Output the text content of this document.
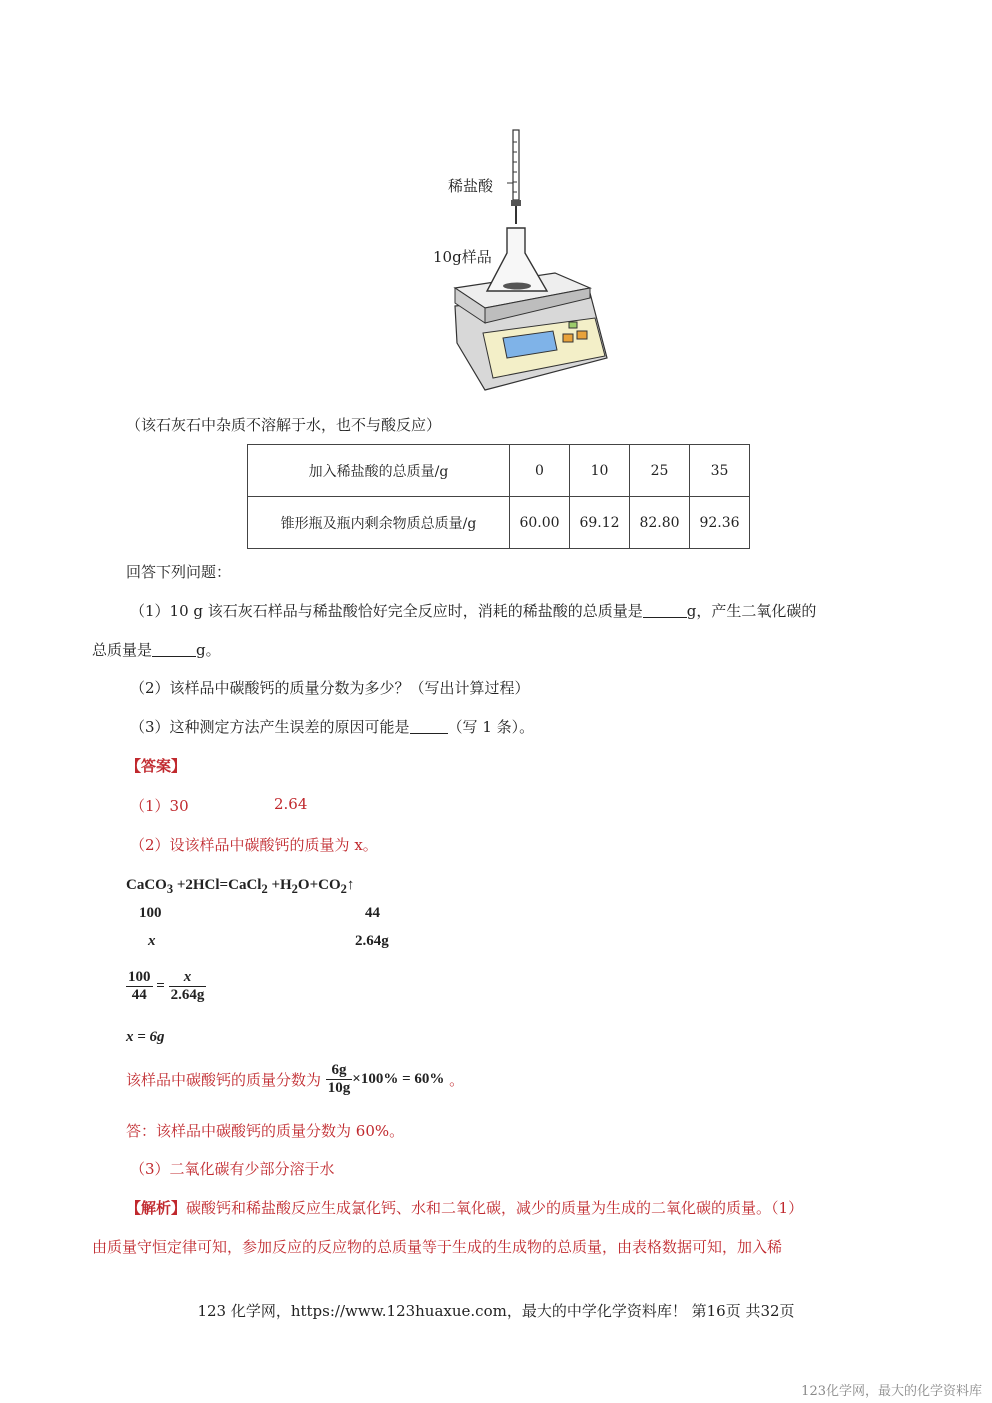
稀盐酸
10g样品
（该石灰石中杂质不溶解于水，也不与酸反应）
加入稀盐酸的总质量/g	0	10	25	35
锥形瓶及瓶内剩余物质总质量/g	60.00	69.12	82.80	92.36
回答下列问题：
（1）10 g 该石灰石样品与稀盐酸恰好完全反应时，消耗的稀盐酸的总质量是	g，产生二氧化碳的
总质量是	g。
（2）该样品中碳酸钙的质量分数为多少？（写出计算过程）
（3）这种测定方法产生误差的原因可能是	（写 1 条）。
【答案】
（1）30	2.64
（2）设该样品中碳酸钙的质量为 x。
CaCO$_3$ +2HCl=CaCl$_2$ $+H_2O+CO_2↑$
100	44
x	2.64g
$\frac{100}{44} = \frac{x}{2.64g}$
x = 6g
该样品中碳酸钙的质量分数为 $\frac{6g}{10g} \times 100\% = 60\%$ 。
答：该样品中碳酸钙的质量分数为 60%。
（3）二氧化碳有少部分溶于水
【解析】碳酸钙和稀盐酸反应生成氯化钙、水和二氧化碳，减少的质量为生成的二氧化碳的质量。（1）
由质量守恒定律可知，参加反应的反应物的总质量等于生成的生成物的总质量，由表格数据可知，加入稀
123 化学网，https://www.123huaxue.com，最大的中学化学资料库！ 第16页 共32页
123化学网，最大的化学资料库
